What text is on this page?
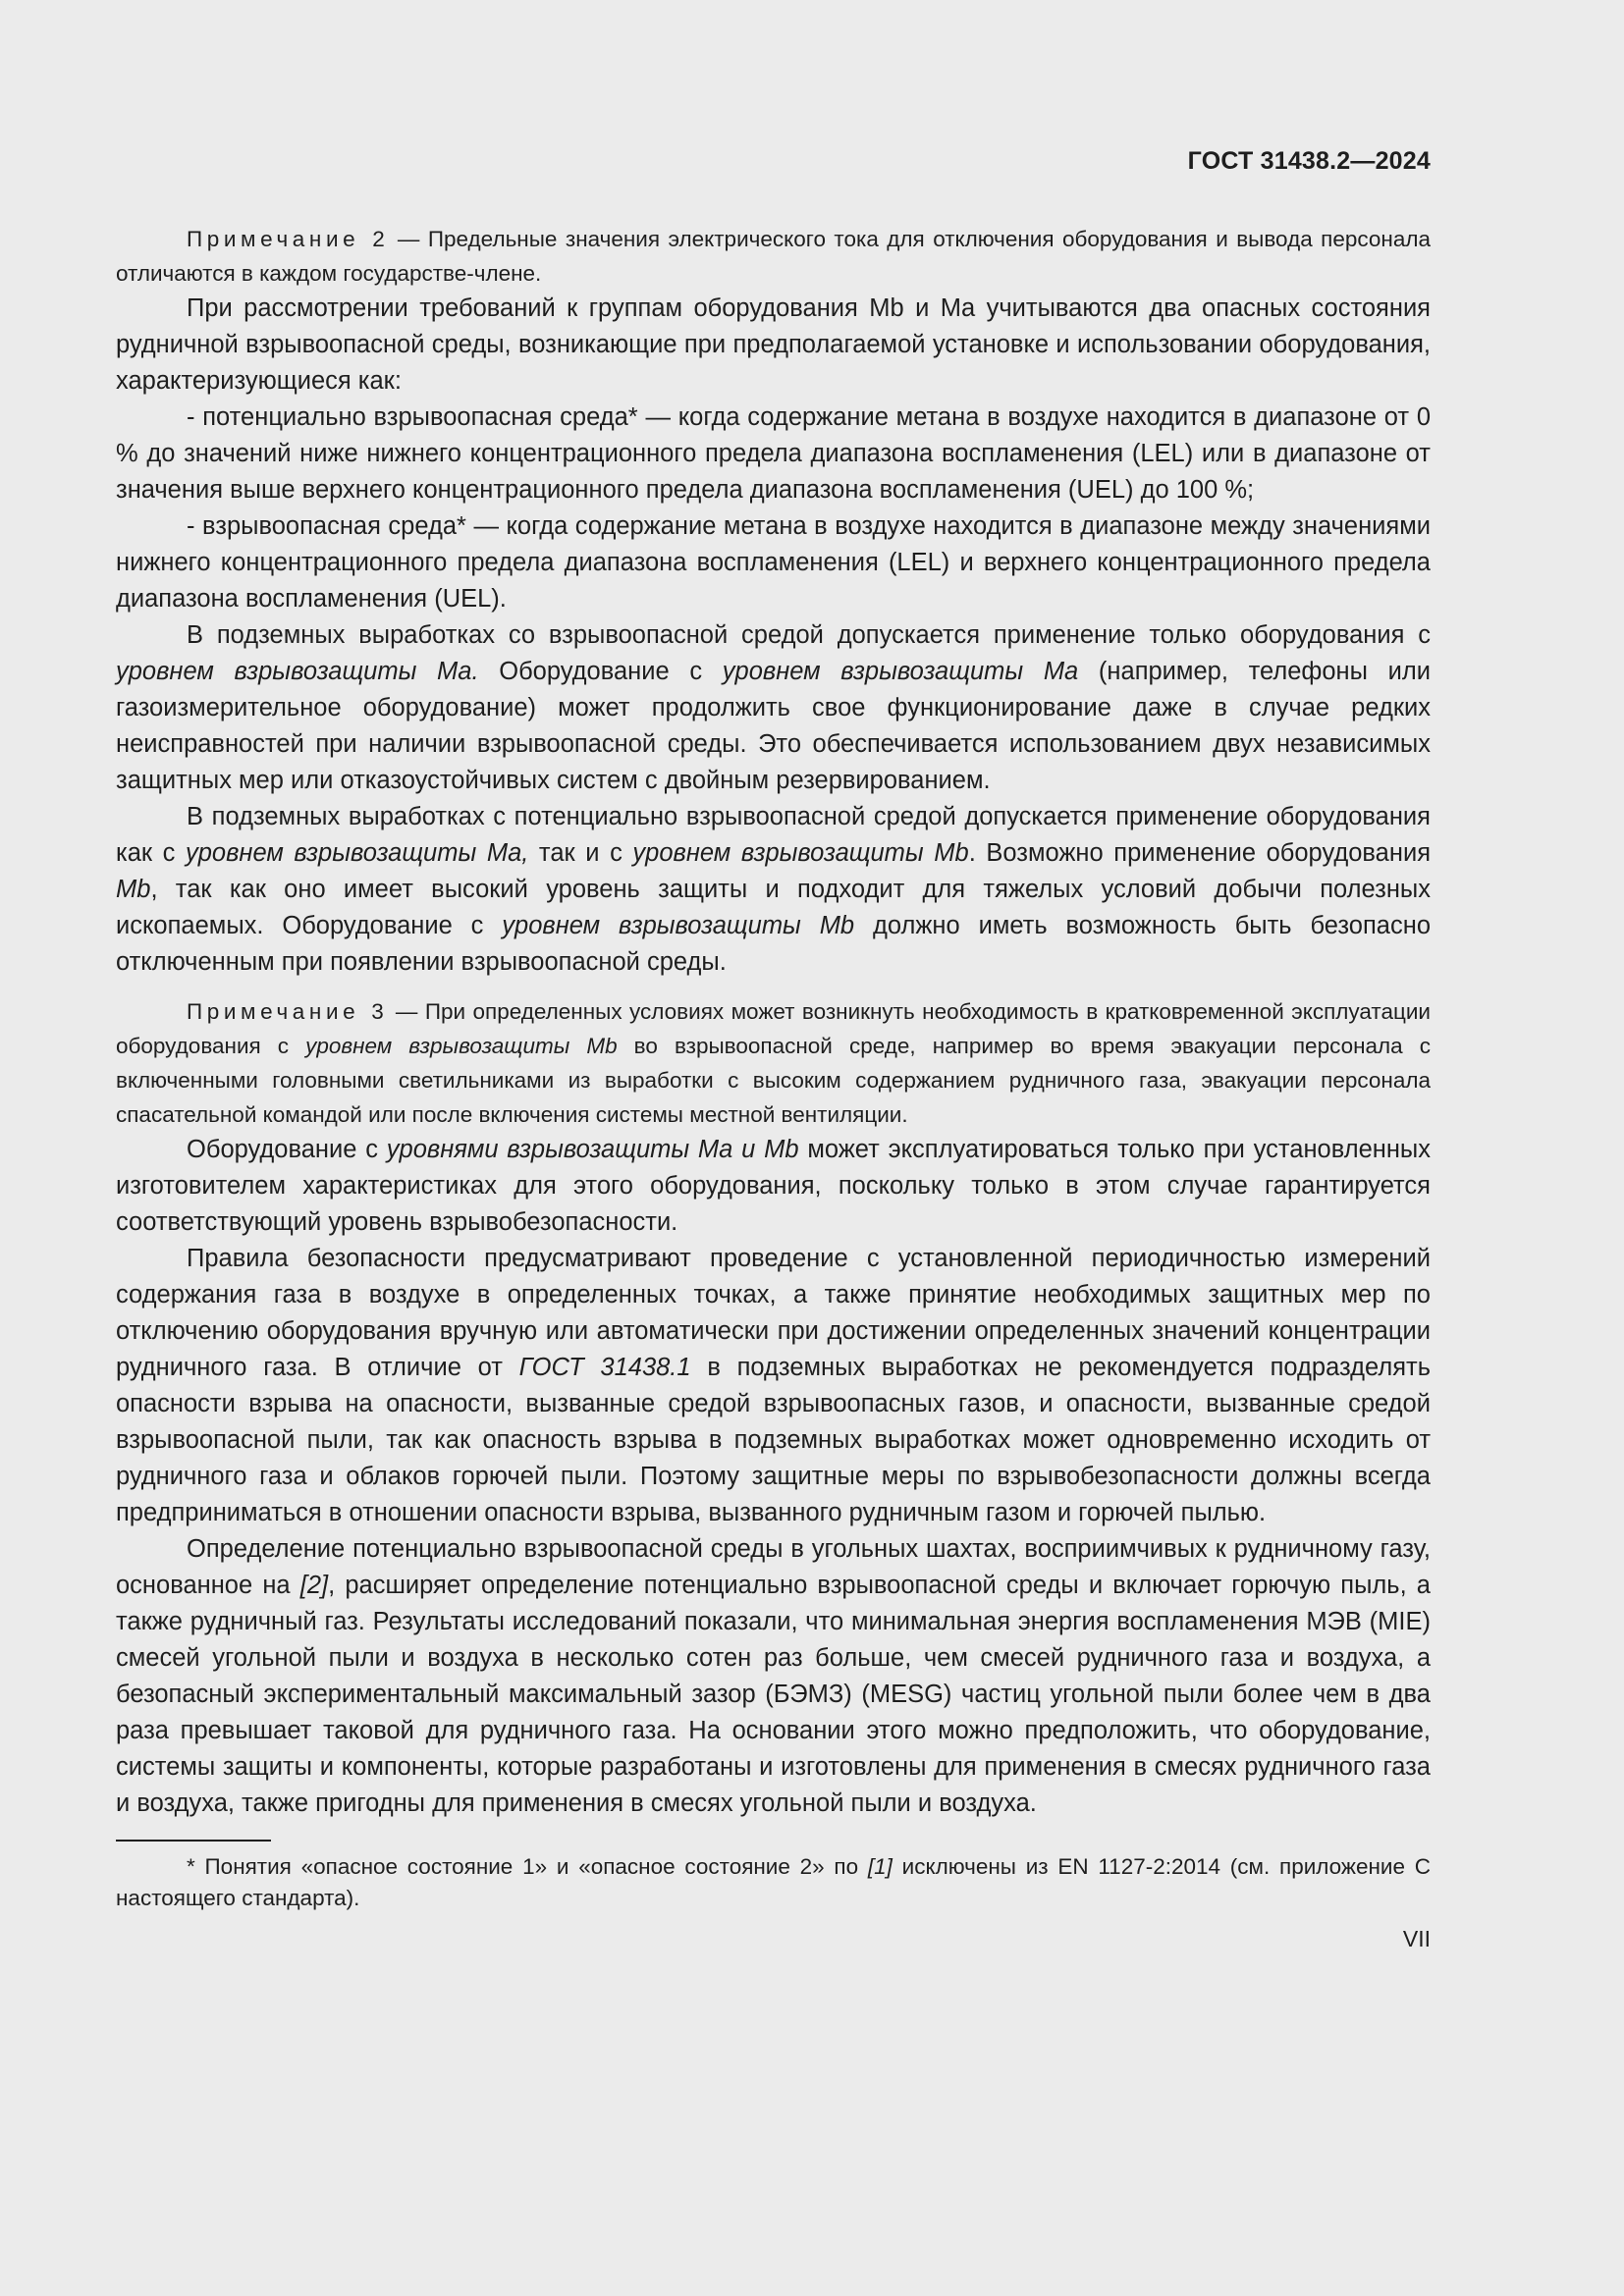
ГОСТ 31438.2—2024

Примечание 2 — Предельные значения электрического тока для отключения оборудования и вывода персонала отличаются в каждом государстве-члене.

При рассмотрении требований к группам оборудования Mb и Ma учитываются два опасных состояния рудничной взрывоопасной среды, возникающие при предполагаемой установке и использовании оборудования, характеризующиеся как:

- потенциально взрывоопасная среда* — когда содержание метана в воздухе находится в диапазоне от 0 % до значений ниже нижнего концентрационного предела диапазона воспламенения (LEL) или в диапазоне от значения выше верхнего концентрационного предела диапазона воспламенения (UEL) до 100 %;

- взрывоопасная среда* — когда содержание метана в воздухе находится в диапазоне между значениями нижнего концентрационного предела диапазона воспламенения (LEL) и верхнего концентрационного предела диапазона воспламенения (UEL).

В подземных выработках со взрывоопасной средой допускается применение только оборудования с уровнем взрывозащиты Ma. Оборудование с уровнем взрывозащиты Ma (например, телефоны или газоизмерительное оборудование) может продолжить свое функционирование даже в случае редких неисправностей при наличии взрывоопасной среды. Это обеспечивается использованием двух независимых защитных мер или отказоустойчивых систем с двойным резервированием.

В подземных выработках с потенциально взрывоопасной средой допускается применение оборудования как с уровнем взрывозащиты Ma, так и с уровнем взрывозащиты Mb. Возможно применение оборудования Mb, так как оно имеет высокий уровень защиты и подходит для тяжелых условий добычи полезных ископаемых. Оборудование с уровнем взрывозащиты Mb должно иметь возможность быть безопасно отключенным при появлении взрывоопасной среды.

Примечание 3 — При определенных условиях может возникнуть необходимость в кратковременной эксплуатации оборудования с уровнем взрывозащиты Mb во взрывоопасной среде, например во время эвакуации персонала с включенными головными светильниками из выработки с высоким содержанием рудничного газа, эвакуации персонала спасательной командой или после включения системы местной вентиляции.

Оборудование с уровнями взрывозащиты Ma и Mb может эксплуатироваться только при установленных изготовителем характеристиках для этого оборудования, поскольку только в этом случае гарантируется соответствующий уровень взрывобезопасности.

Правила безопасности предусматривают проведение с установленной периодичностью измерений содержания газа в воздухе в определенных точках, а также принятие необходимых защитных мер по отключению оборудования вручную или автоматически при достижении определенных значений концентрации рудничного газа. В отличие от ГОСТ 31438.1 в подземных выработках не рекомендуется подразделять опасности взрыва на опасности, вызванные средой взрывоопасных газов, и опасности, вызванные средой взрывоопасной пыли, так как опасность взрыва в подземных выработках может одновременно исходить от рудничного газа и облаков горючей пыли. Поэтому защитные меры по взрывобезопасности должны всегда предприниматься в отношении опасности взрыва, вызванного рудничным газом и горючей пылью.

Определение потенциально взрывоопасной среды в угольных шахтах, восприимчивых к рудничному газу, основанное на [2], расширяет определение потенциально взрывоопасной среды и включает горючую пыль, а также рудничный газ. Результаты исследований показали, что минимальная энергия воспламенения МЭВ (MIE) смесей угольной пыли и воздуха в несколько сотен раз больше, чем смесей рудничного газа и воздуха, а безопасный экспериментальный максимальный зазор (БЭМЗ) (MESG) частиц угольной пыли более чем в два раза превышает таковой для рудничного газа. На основании этого можно предположить, что оборудование, системы защиты и компоненты, которые разработаны и изготовлены для применения в смесях рудничного газа и воздуха, также пригодны для применения в смесях угольной пыли и воздуха.

* Понятия «опасное состояние 1» и «опасное состояние 2» по [1] исключены из EN 1127-2:2014 (см. приложение С настоящего стандарта).

VII
